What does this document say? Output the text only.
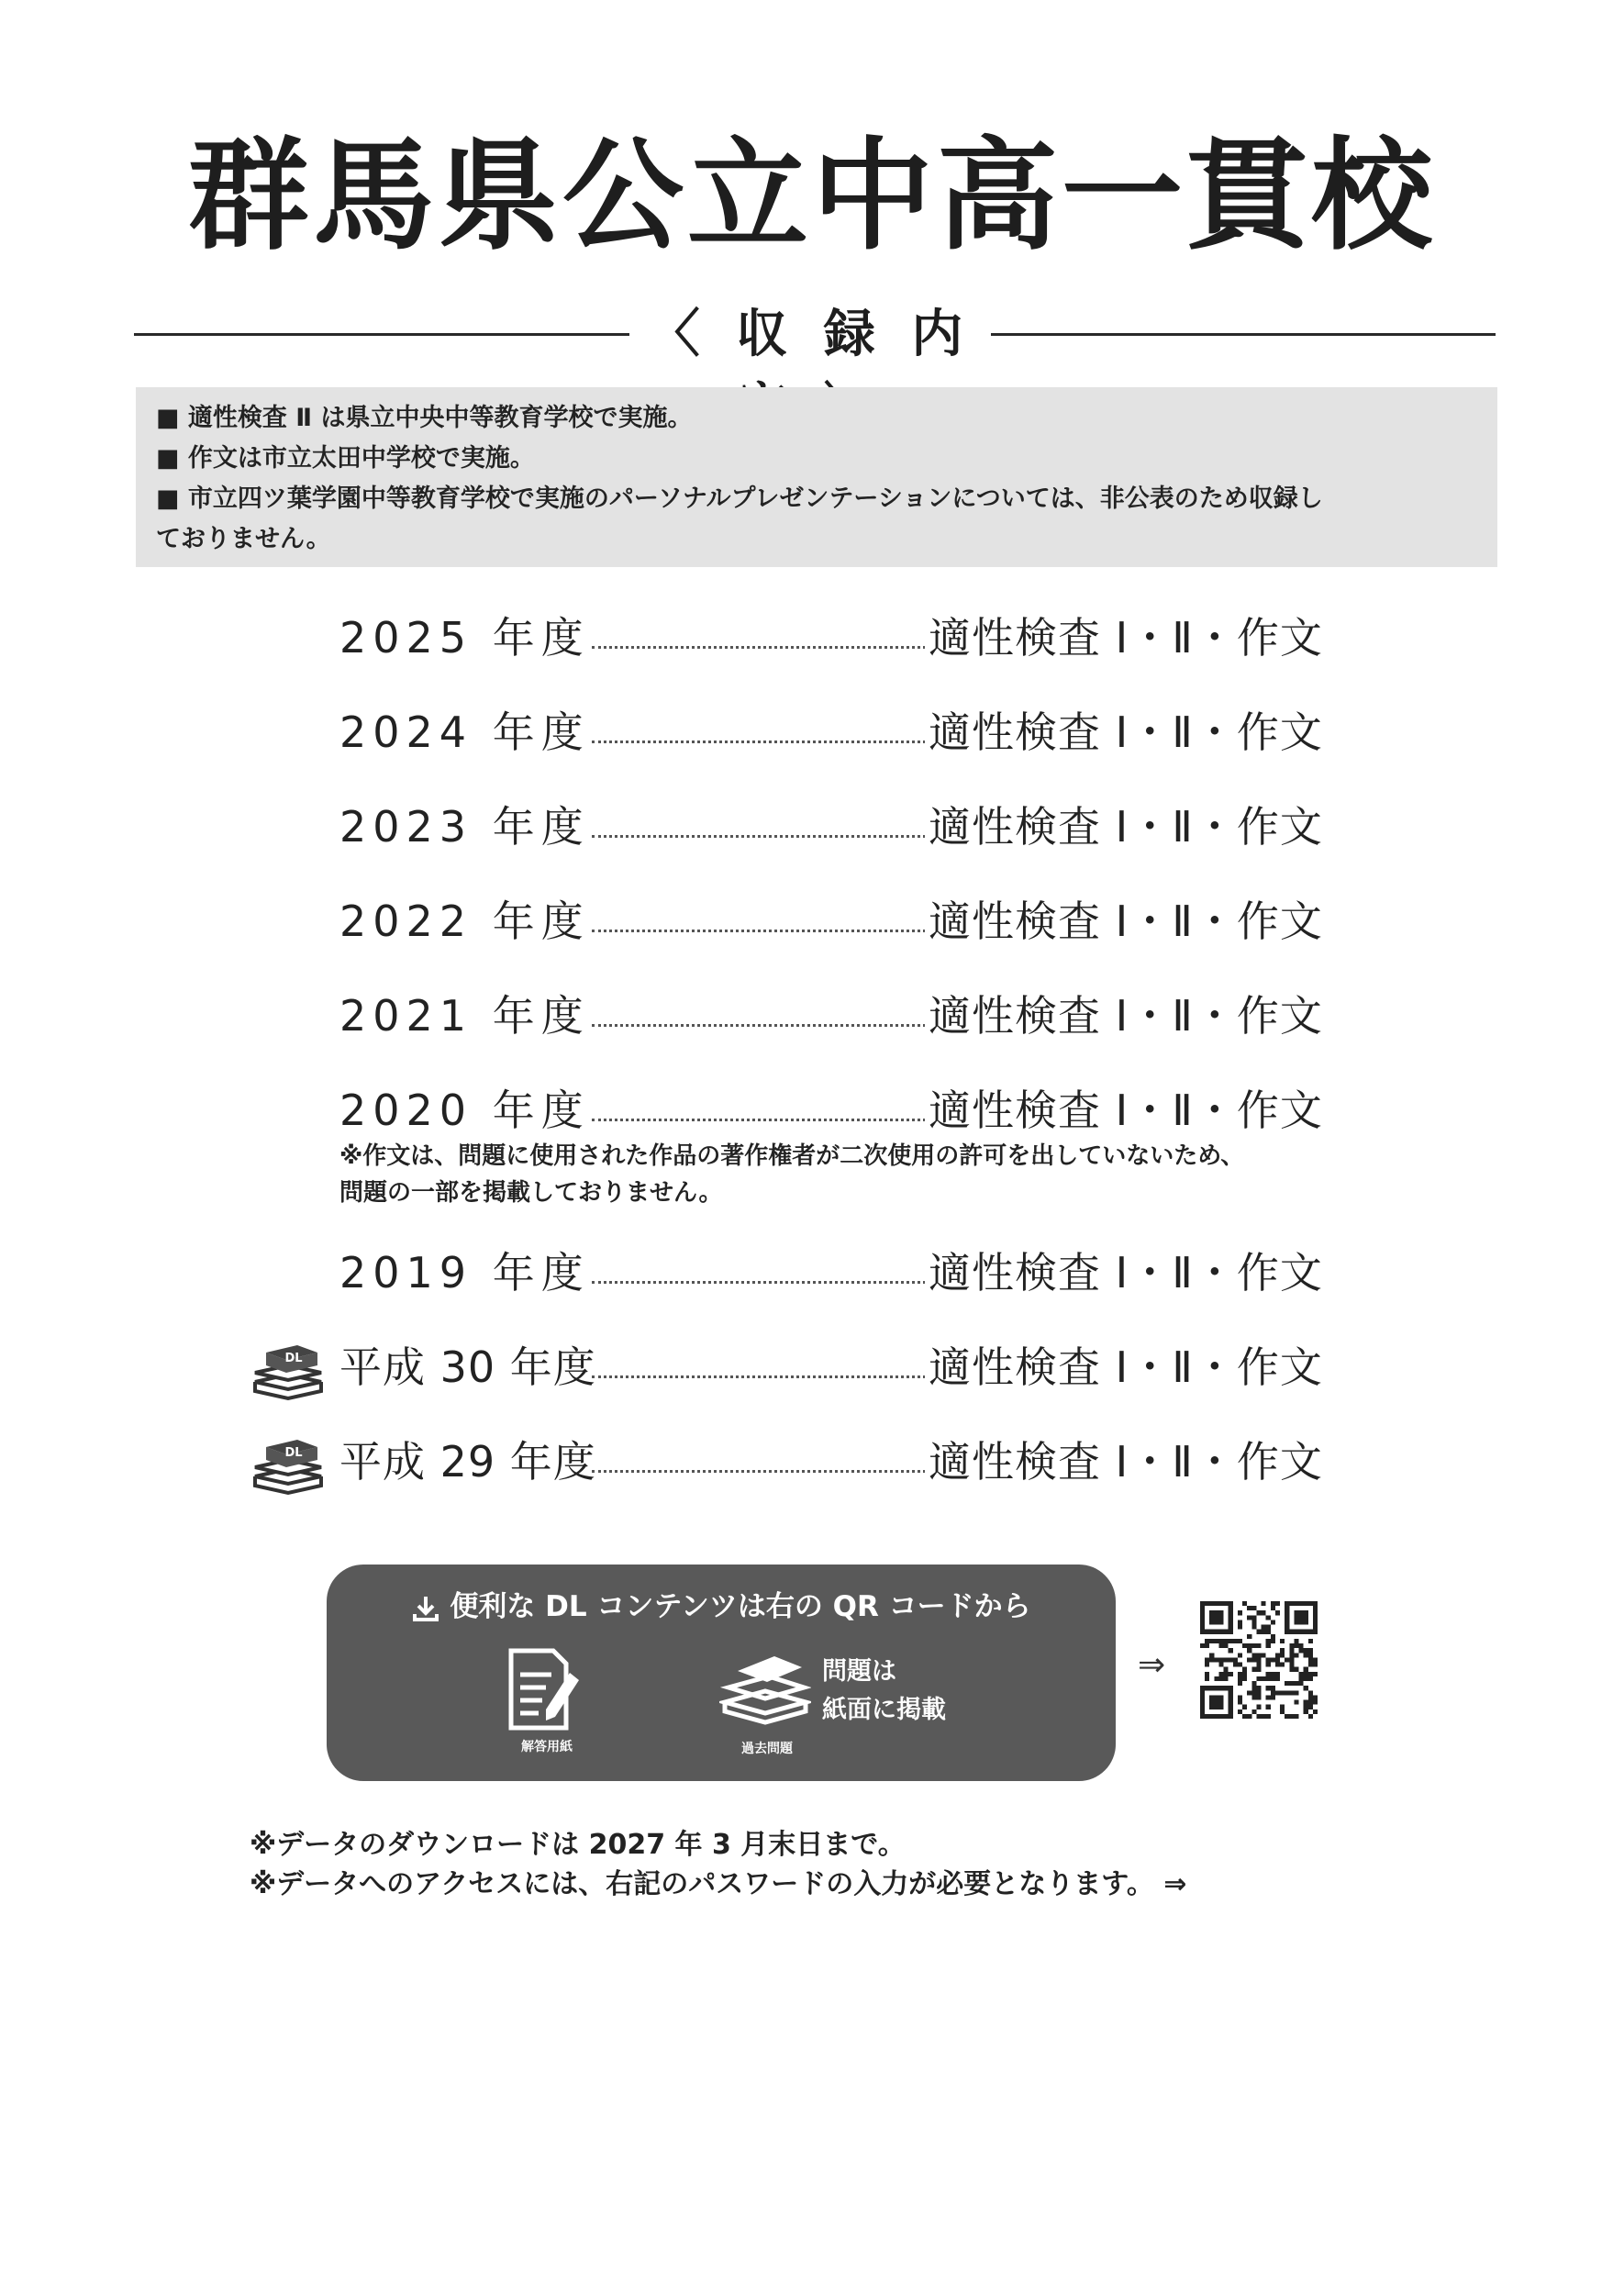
群馬県公立中高一貫校
〈 収 録 内
■ 適性検査 Ⅱ は県立中央中等教育学校で実施。
■ 作文は市立太田中学校で実施。
■ 市立四ツ葉学園中等教育学校で実施のパーソナルプレゼンテーションについては、非公表のため収録し
ておりません。
2025 年度	適性検査 Ⅰ・Ⅱ・作文
2024 年度	適性検査 Ⅰ・Ⅱ・作文
2023 年度	適性検査 Ⅰ・Ⅱ・作文
2022 年度	適性検査 Ⅰ・Ⅱ・作文
2021 年度	適性検査 Ⅰ・Ⅱ・作文
2020 年度	適性検査 Ⅰ・Ⅱ・作文
※作文は、問題に使用された作品の著作権者が二次使用の許可を出していないため、
問題の一部を掲載しておりません。
2019 年度	適性検査 Ⅰ・Ⅱ・作文
DL 平成 30 年度	適性検査 Ⅰ・Ⅱ・作文
DL 平成 29 年度	適性検査 Ⅰ・Ⅱ・作文
便利な DL コンテンツは右の QR コードから
解答用紙	過去問題
問題は
紙面に掲載
⇒
※データのダウンロードは 2027 年 3 月末日まで。
※データへのアクセスには、右記のパスワードの入力が必要となります。 ⇒
